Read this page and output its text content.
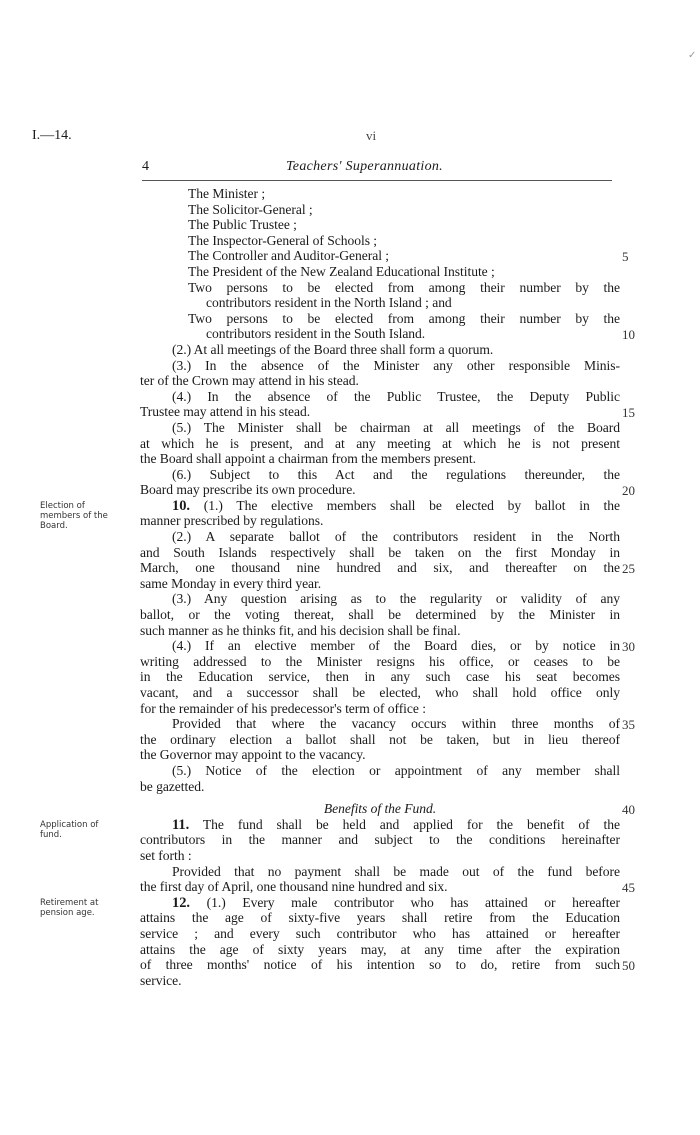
I.—14.	vi
4	Teachers' Superannuation.
The Minister ;
The Solicitor-General ;
The Public Trustee ;
The Inspector-General of Schools ;
The Controller and Auditor-General ;
The President of the New Zealand Educational Institute ;
Two persons to be elected from among their number by the
contributors resident in the North Island ; and
Two persons to be elected from among their number by the
contributors resident in the South Island.
(2.) At all meetings of the Board three shall form a quorum.
(3.) In the absence of the Minister any other responsible Minis-
ter of the Crown may attend in his stead.
(4.) In the absence of the Public Trustee, the Deputy Public
Trustee may attend in his stead.
(5.) The Minister shall be chairman at all meetings of the Board
at which he is present, and at any meeting at which he is not present
the Board shall appoint a chairman from the members present.
(6.) Subject to this Act and the regulations thereunder, the
Board may prescribe its own procedure.
10. (1.) The elective members shall be elected by ballot in the
manner prescribed by regulations.
(2.) A separate ballot of the contributors resident in the North
and South Islands respectively shall be taken on the first Monday in
March, one thousand nine hundred and six, and thereafter on the
same Monday in every third year.
(3.) Any question arising as to the regularity or validity of any
ballot, or the voting thereat, shall be determined by the Minister in
such manner as he thinks fit, and his decision shall be final.
(4.) If an elective member of the Board dies, or by notice in
writing addressed to the Minister resigns his office, or ceases to be
in the Education service, then in any such case his seat becomes
vacant, and a successor shall be elected, who shall hold office only
for the remainder of his predecessor's term of office :
Provided that where the vacancy occurs within three months of
the ordinary election a ballot shall not be taken, but in lieu thereof
the Governor may appoint to the vacancy.
(5.) Notice of the election or appointment of any member shall
be gazetted.
Benefits of the Fund.
11. The fund shall be held and applied for the benefit of the
contributors in the manner and subject to the conditions hereinafter
set forth :
Provided that no payment shall be made out of the fund before
the first day of April, one thousand nine hundred and six.
12. (1.) Every male contributor who has attained or hereafter
attains the age of sixty-five years shall retire from the Education
service ; and every such contributor who has attained or hereafter
attains the age of sixty years may, at any time after the expiration
of three months' notice of his intention so to do, retire from such
service.
Election of members of the Board.
Application of fund.
Retirement at pension age.
5
10
15
20
25
30
35
40
45
50
✓
